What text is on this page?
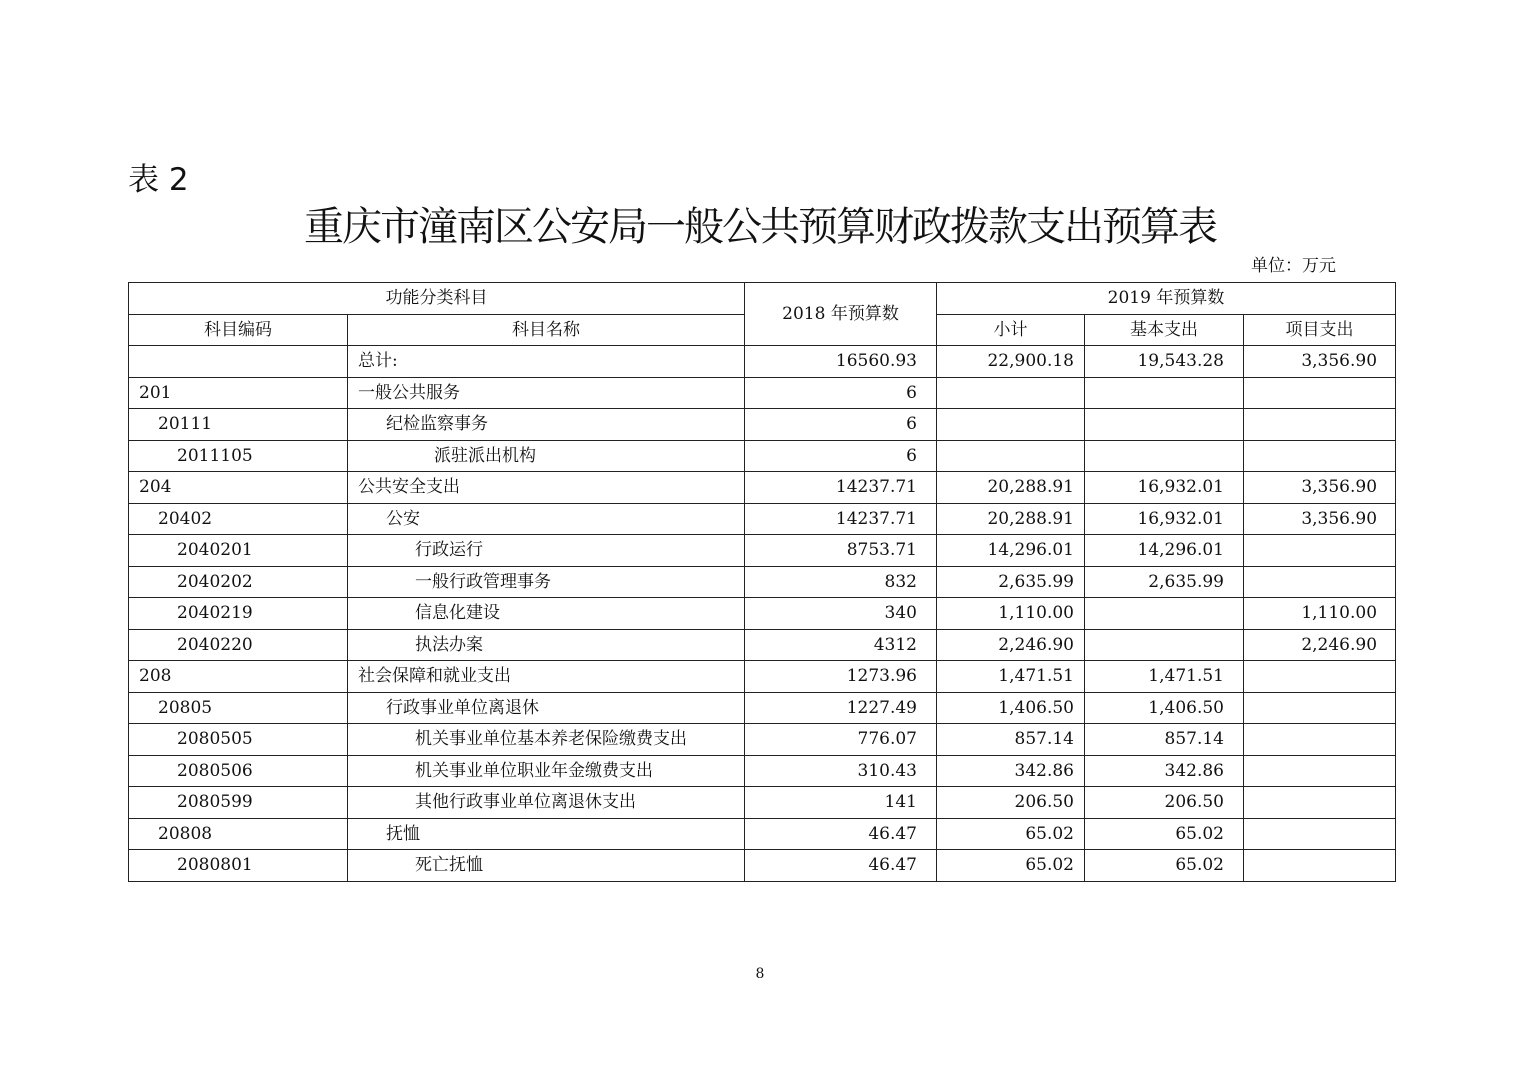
表 2
重庆市潼南区公安局一般公共预算财政拨款支出预算表
单位：万元
功能分类科目		2018 年预算数	2019 年预算数		
科目编码	科目名称		小计	基本支出	项目支出
	总计:	16560.93	22,900.18	19,543.28	3,356.90
201	一般公共服务	6			
20111	纪检监察事务	6			
2011105	派驻派出机构	6			
204	公共安全支出	14237.71	20,288.91	16,932.01	3,356.90
20402	公安	14237.71	20,288.91	16,932.01	3,356.90
2040201	行政运行	8753.71	14,296.01	14,296.01	
2040202	一般行政管理事务	832	2,635.99	2,635.99	
2040219	信息化建设	340	1,110.00		1,110.00
2040220	执法办案	4312	2,246.90		2,246.90
208	社会保障和就业支出	1273.96	1,471.51	1,471.51	
20805	行政事业单位离退休	1227.49	1,406.50	1,406.50	
2080505	机关事业单位基本养老保险缴费支出	776.07	857.14	857.14	
2080506	机关事业单位职业年金缴费支出	310.43	342.86	342.86	
2080599	其他行政事业单位离退休支出	141	206.50	206.50	
20808	抚恤	46.47	65.02	65.02	
2080801	死亡抚恤	46.47	65.02	65.02	
8
